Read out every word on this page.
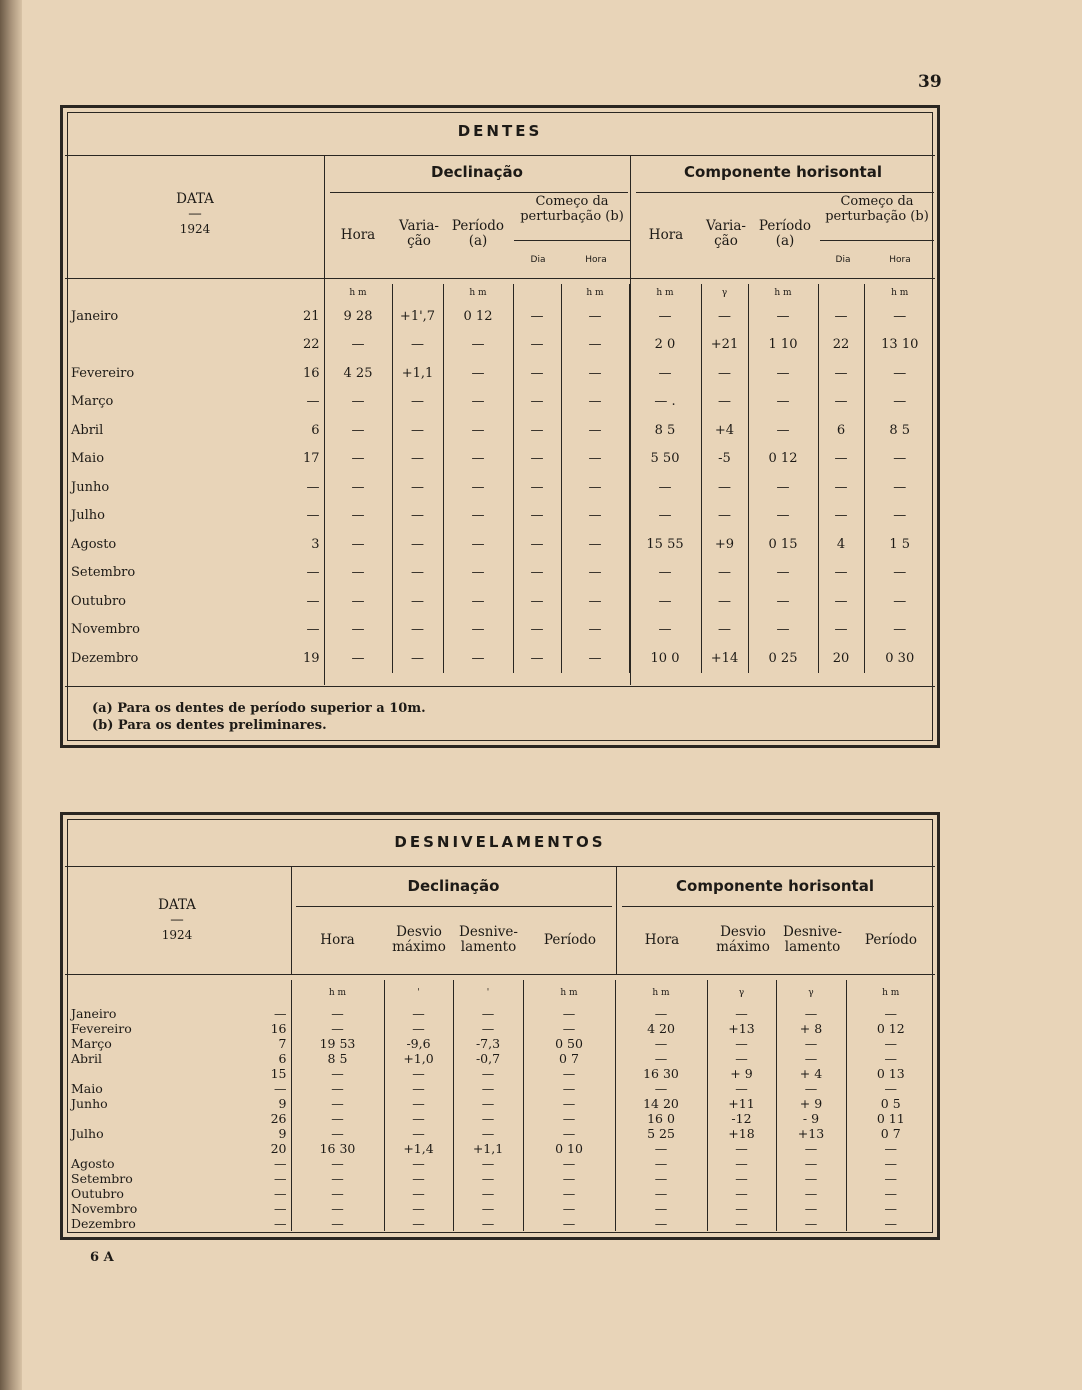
39
DENTES
DATA
—
1924
Declinação	Componente horisontal
Hora
Varia-ção
Período (a)
Começo da perturbação (b)
Dia	Hora
Hora
Varia-ção
Período (a)
Começo da perturbação (b)
Dia	Hora
		h m		h m		h m	h m	γ	h m		h m
Janeiro	21	9 28	+1',7	0 12	—	—	—	—	—	—	—
	22	—	—	—	—	—	2 0	+21	1 10	22	13 10
Fevereiro	16	4 25	+1,1	—	—	—	—	—	—	—	—
Março	—	—	—	—	—	—	— .	—	—	—	—
Abril	6	—	—	—	—	—	8 5	+4	—	6	8 5
Maio	17	—	—	—	—	—	5 50	-5	0 12	—	—
Junho	—	—	—	—	—	—	—	—	—	—	—
Julho	—	—	—	—	—	—	—	—	—	—	—
Agosto	3	—	—	—	—	—	15 55	+9	0 15	4	1 5
Setembro	—	—	—	—	—	—	—	—	—	—	—
Outubro	—	—	—	—	—	—	—	—	—	—	—
Novembro	—	—	—	—	—	—	—	—	—	—	—
Dezembro	19	—	—	—	—	—	10 0	+14	0 25	20	0 30
(a) Para os dentes de período superior a 10m.
(b) Para os dentes preliminares.
DESNIVELAMENTOS
DATA
—
1924
Declinação	Componente horisontal
Hora	Desvio máximo
Desnive-lamento	Período	Hora	Desvio máximo
Desnive-lamento	Período
		h m	'	'	h m	h m	γ	γ	h m
Janeiro	—	—	—	—	—	—	—	—	—
Fevereiro	16	—	—	—	—	4 20	+13	+ 8	0 12
Março	7	19 53	-9,6	-7,3	0 50	—	—	—	—
Abril	6	8 5	+1,0	-0,7	0 7	—	—	—	—
	15	—	—	—	—	16 30	+ 9	+ 4	0 13
Maio	—	—	—	—	—	—	—	—	—
Junho	9	—	—	—	—	14 20	+11	+ 9	0 5
	26	—	—	—	—	16 0	-12	- 9	0 11
Julho	9	—	—	—	—	5 25	+18	+13	0 7
	20	16 30	+1,4	+1,1	0 10	—	—	—	—
Agosto	—	—	—	—	—	—	—	—	—
Setembro	—	—	—	—	—	—	—	—	—
Outubro	—	—	—	—	—	—	—	—	—
Novembro	—	—	—	—	—	—	—	—	—
Dezembro	—	—	—	—	—	—	—	—	—
6 A
